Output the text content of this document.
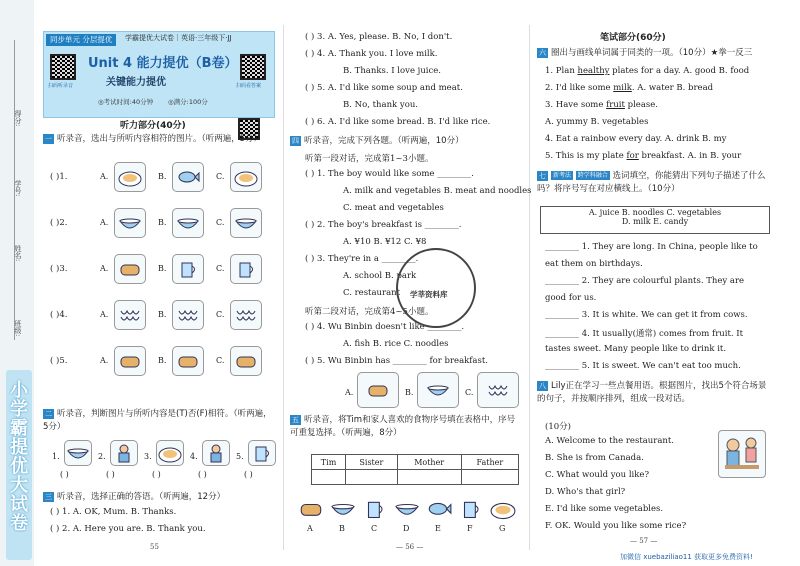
得分:
学号:
姓名:
班级:
小学霸提优大试卷
同步单元 分层提优	学霸提优大试卷｜英语·三年级下·JJ
扫码听录音	扫码看答案
Unit 4 能力提优（B卷）
关键能力提优
◎考试时间:40分钟 ◎满分:100分
听力部分(40分)
一 听录音，选出与所听内容相符的图片。（听两遍，5分）
( )1.	A.	B.	C.
( )2.	A.	B.	C.
( )3.	A.	B.	C.
( )4.	A.	B.	C.
( )5.	A.	B.	C.
二 听录音，判断图片与所听内容是(T)否(F)相符。（听两遍，5分）
1.
( )
2.
( )
3.
( )
4.
( )
5.
( )
三 听录音，选择正确的答语。（听两遍，12分）
( ) 1. A. OK, Mum. B. Thanks.
( ) 2. A. Here you are. B. Thank you.
55
( ) 3. A. Yes, please. B. No, I don't.
( ) 4. A. Thank you. I love milk.
B. Thanks. I love juice.
( ) 5. A. I'd like some soup and meat.
B. No, thank you.
( ) 6. A. I'd like some bread. B. I'd like rice.
四 听录音，完成下列各题。（听两遍，10分）
听第一段对话，完成第1~3小题。
( ) 1. The boy would like some ________.
A. milk and vegetables B. meat and noodles
C. meat and vegetables
( ) 2. The boy's breakfast is ________.
A. ¥10 B. ¥12 C. ¥8
( ) 3. They're in a ________.
A. school B. park
C. restaurant
听第二段对话，完成第4~5小题。
( ) 4. Wu Binbin doesn't like ________.
A. fish B. rice C. noodles
( ) 5. Wu Binbin has ________ for breakfast.
A.	B.	C.
学莘资料库
五 听录音，将Tim和家人喜欢的食物序号填在表格中，序号可重复选择。（听两遍，8分）
Tim	Sister	Mother	Father

A	B	C	D	E	F	G
— 56 —
笔试部分(60分)
六 圈出与画线单词属于同类的一项。（10分）★拳一反三
1. Plan healthy plates for a day. A. good B. food
2. I'd like some milk. A. water B. bread
3. Have some fruit please.
A. yummy B. vegetables
4. Eat a rainbow every day. A. drink B. my
5. This is my plate for breakfast. A. in B. your
七 新考法 跨学科融合 选词填空，你能猜出下列句子描述了什么吗？将序号写在对应横线上。（10分）
A. juice B. noodles C. vegetables
D. milk E. candy
________ 1. They are long. In China, people like to
eat them on birthdays.
________ 2. They are colourful plants. They are
good for us.
________ 3. It is white. We can get it from cows.
________ 4. It usually(通常) comes from fruit. It
tastes sweet. Many people like to drink it.
________ 5. It is sweet. We can't eat too much.
八 Lily正在学习一些点餐用语。根据图片，找出5个符合场景的句子，并按顺序排列，组成一段对话。
(10分)
A. Welcome to the restaurant.
B. She is from Canada.
C. What would you like?
D. Who's that girl?
E. I'd like some vegetables.
F. OK. Would you like some rice?
— 57 —
加微信 xuebaziliao11 获取更多免费资料!
